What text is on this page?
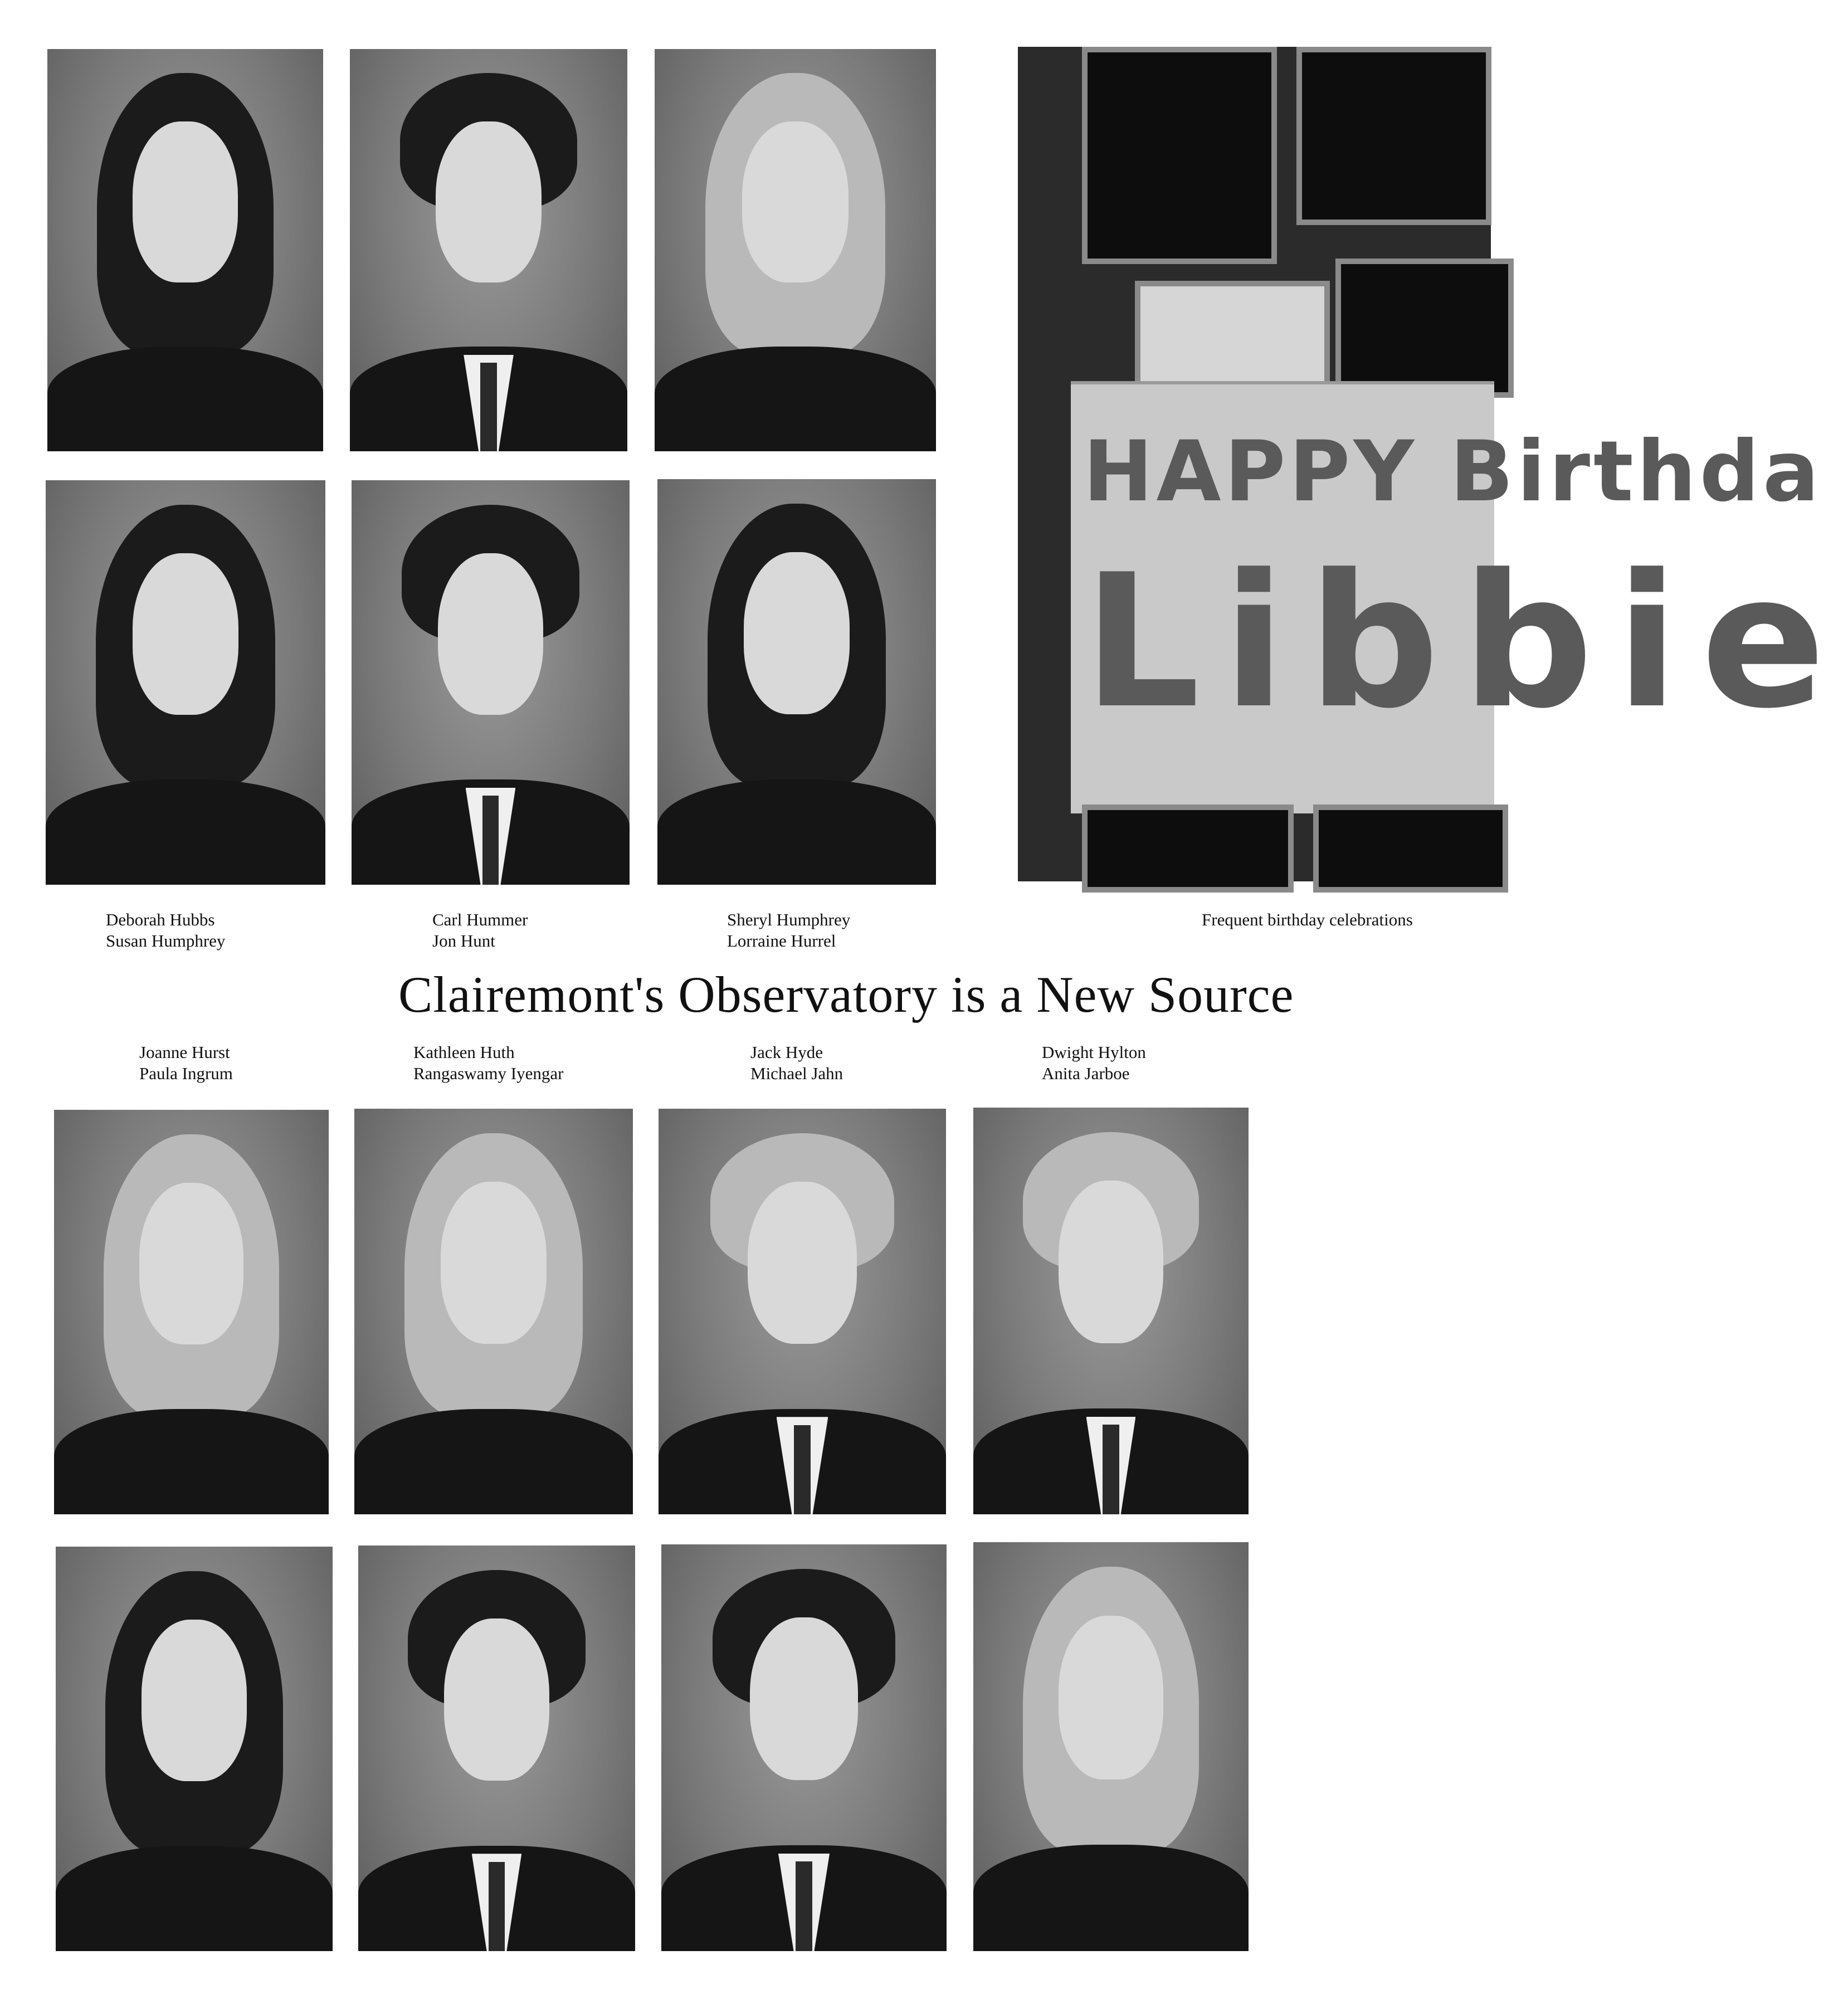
HAPPY Birthda
Libbie
Deborah Hubbs
Susan Humphrey
Carl Hummer
Jon Hunt
Sheryl Humphrey
Lorraine Hurrel
Frequent birthday celebrations
Clairemont's Observatory is a New Source
Joanne Hurst
Paula Ingrum
Kathleen Huth
Rangaswamy Iyengar
Jack Hyde
Michael Jahn
Dwight Hylton
Anita Jarboe
